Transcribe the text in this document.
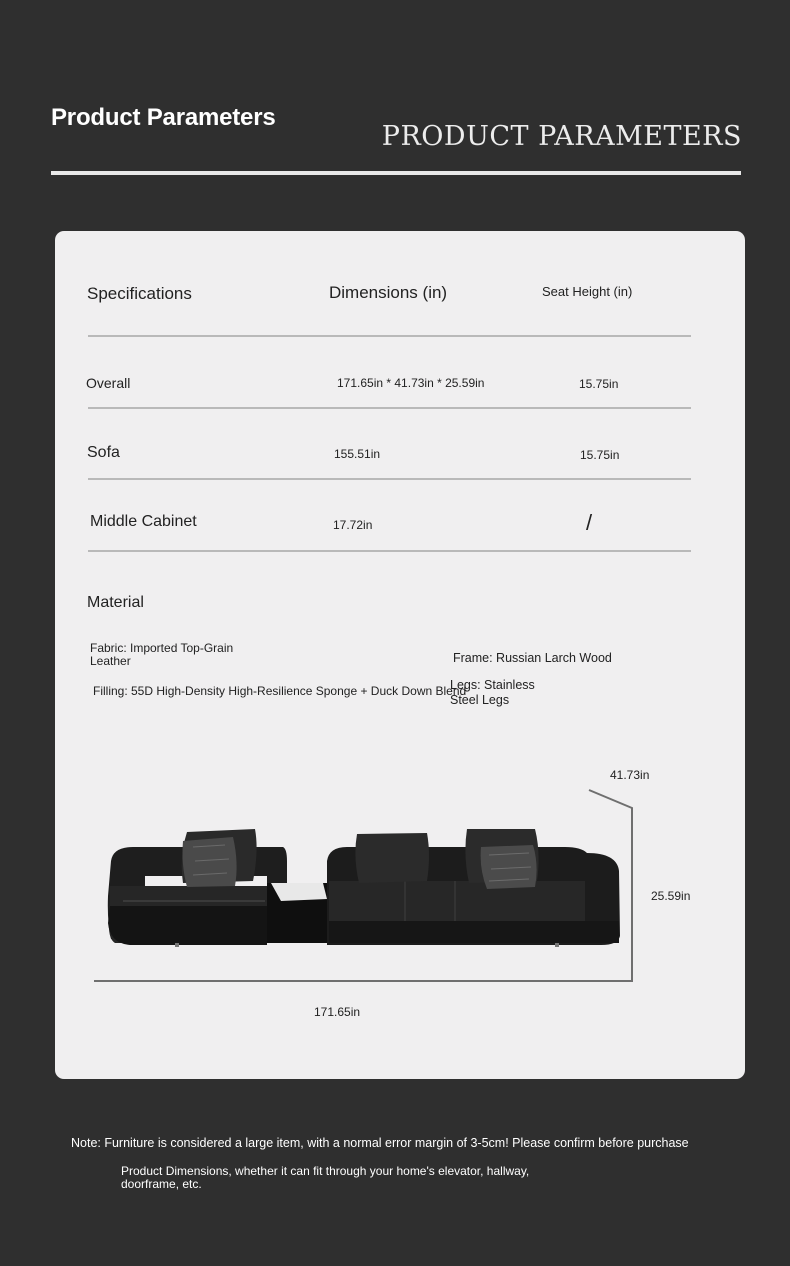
Product Parameters
PRODUCT PARAMETERS
Specifications	Dimensions (in)	Seat Height (in)
Overall	171.65in * 41.73in * 25.59in	15.75in
Sofa	155.51in	15.75in
Middle Cabinet	17.72in	/
Material
Fabric: Imported Top-Grain Leather	Frame: Russian Larch Wood
Filling: 55D High-Density High-Resilience Sponge + Duck Down Blend
Legs: Stainless Steel Legs
41.73in
25.59in
171.65in
Note: Furniture is considered a large item, with a normal error margin of 3-5cm! Please confirm before purchase
Product Dimensions, whether it can fit through your home's elevator, hallway, doorframe, etc.
